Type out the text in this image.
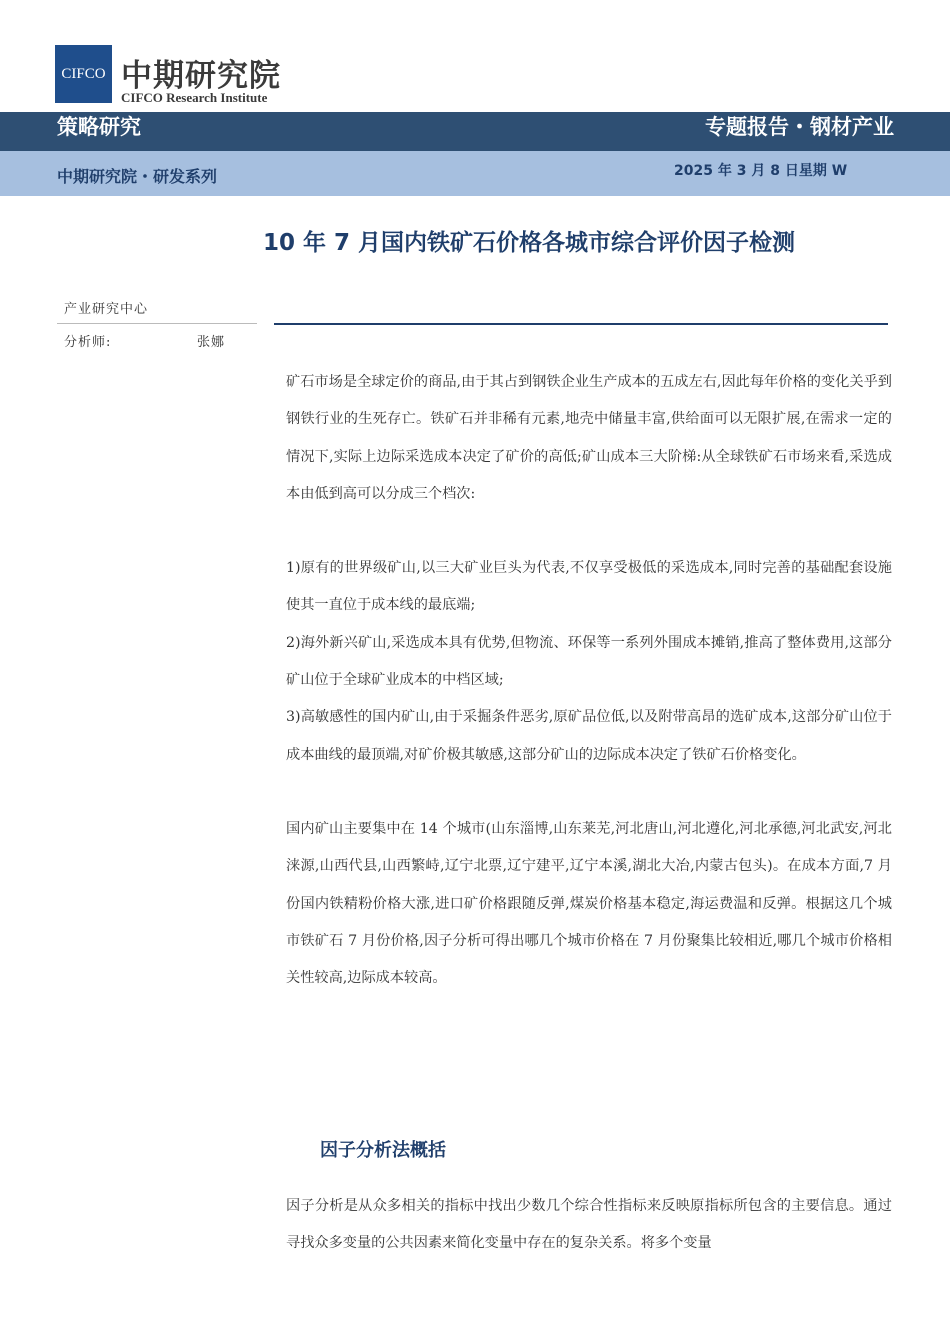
CIFCO 中期研究院
CIFCO Research Institute
策略研究	专题报告・钢材产业
中期研究院・研发系列	2025 年 3 月 8 日星期 W
10 年 7 月国内铁矿石价格各城市综合评价因子检测
产业研究中心
分析师:	张娜

矿石市场是全球定价的商品,由于其占到钢铁企业生产成本的五成左右,因此每年价格的变化关乎到钢铁行业的生死存亡。铁矿石并非稀有元素,地壳中储量丰富,供给面可以无限扩展,在需求一定的情况下,实际上边际采选成本决定了矿价的高低;矿山成本三大阶梯:从全球铁矿石市场来看,采选成本由低到高可以分成三个档次:

1)原有的世界级矿山,以三大矿业巨头为代表,不仅享受极低的采选成本,同时完善的基础配套设施使其一直位于成本线的最底端;

2)海外新兴矿山,采选成本具有优势,但物流、环保等一系列外围成本摊销,推高了整体费用,这部分矿山位于全球矿业成本的中档区域;

3)高敏感性的国内矿山,由于采掘条件恶劣,原矿品位低,以及附带高昂的选矿成本,这部分矿山位于成本曲线的最顶端,对矿价极其敏感,这部分矿山的边际成本决定了铁矿石价格变化。

国内矿山主要集中在 14 个城市(山东淄博,山东莱芜,河北唐山,河北遵化,河北承德,河北武安,河北涞源,山西代县,山西繁峙,辽宁北票,辽宁建平,辽宁本溪,湖北大冶,内蒙古包头)。在成本方面,7 月份国内铁精粉价格大涨,进口矿价格跟随反弹,煤炭价格基本稳定,海运费温和反弹。根据这几个城市铁矿石 7 月份价格,因子分析可得出哪几个城市价格在 7 月份聚集比较相近,哪几个城市价格相关性较高,边际成本较高。

因子分析法概括

因子分析是从众多相关的指标中找出少数几个综合性指标来反映原指标所包含的主要信息。通过寻找众多变量的公共因素来简化变量中存在的复杂关系。将多个变量
